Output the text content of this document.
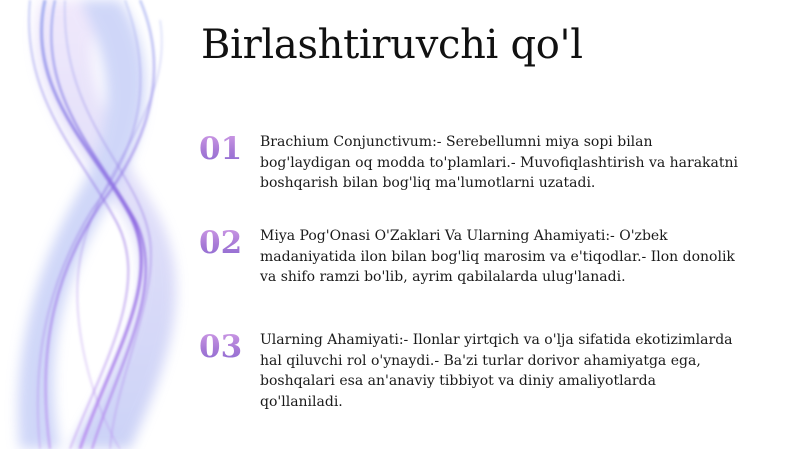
Birlashtiruvchi qo'l
01 Brachium Conjunctivum:- Serebellumni miya sopi bilan bog'laydigan oq modda to'plamlari.- Muvofiqlashtirish va harakatni boshqarish bilan bog'liq ma'lumotlarni uzatadi.
02 Miya Pog'Onasi O'Zaklari Va Ularning Ahamiyati:- O'zbek madaniyatida ilon bilan bog'liq marosim va e'tiqodlar.- Ilon donolik va shifo ramzi bo'lib, ayrim qabilalarda ulug'lanadi.
03 Ularning Ahamiyati:- Ilonlar yirtqich va o'lja sifatida ekotizimlarda hal qiluvchi rol o'ynaydi.- Ba'zi turlar dorivor ahamiyatga ega, boshqalari esa an'anaviy tibbiyot va diniy amaliyotlarda qo'llaniladi.
